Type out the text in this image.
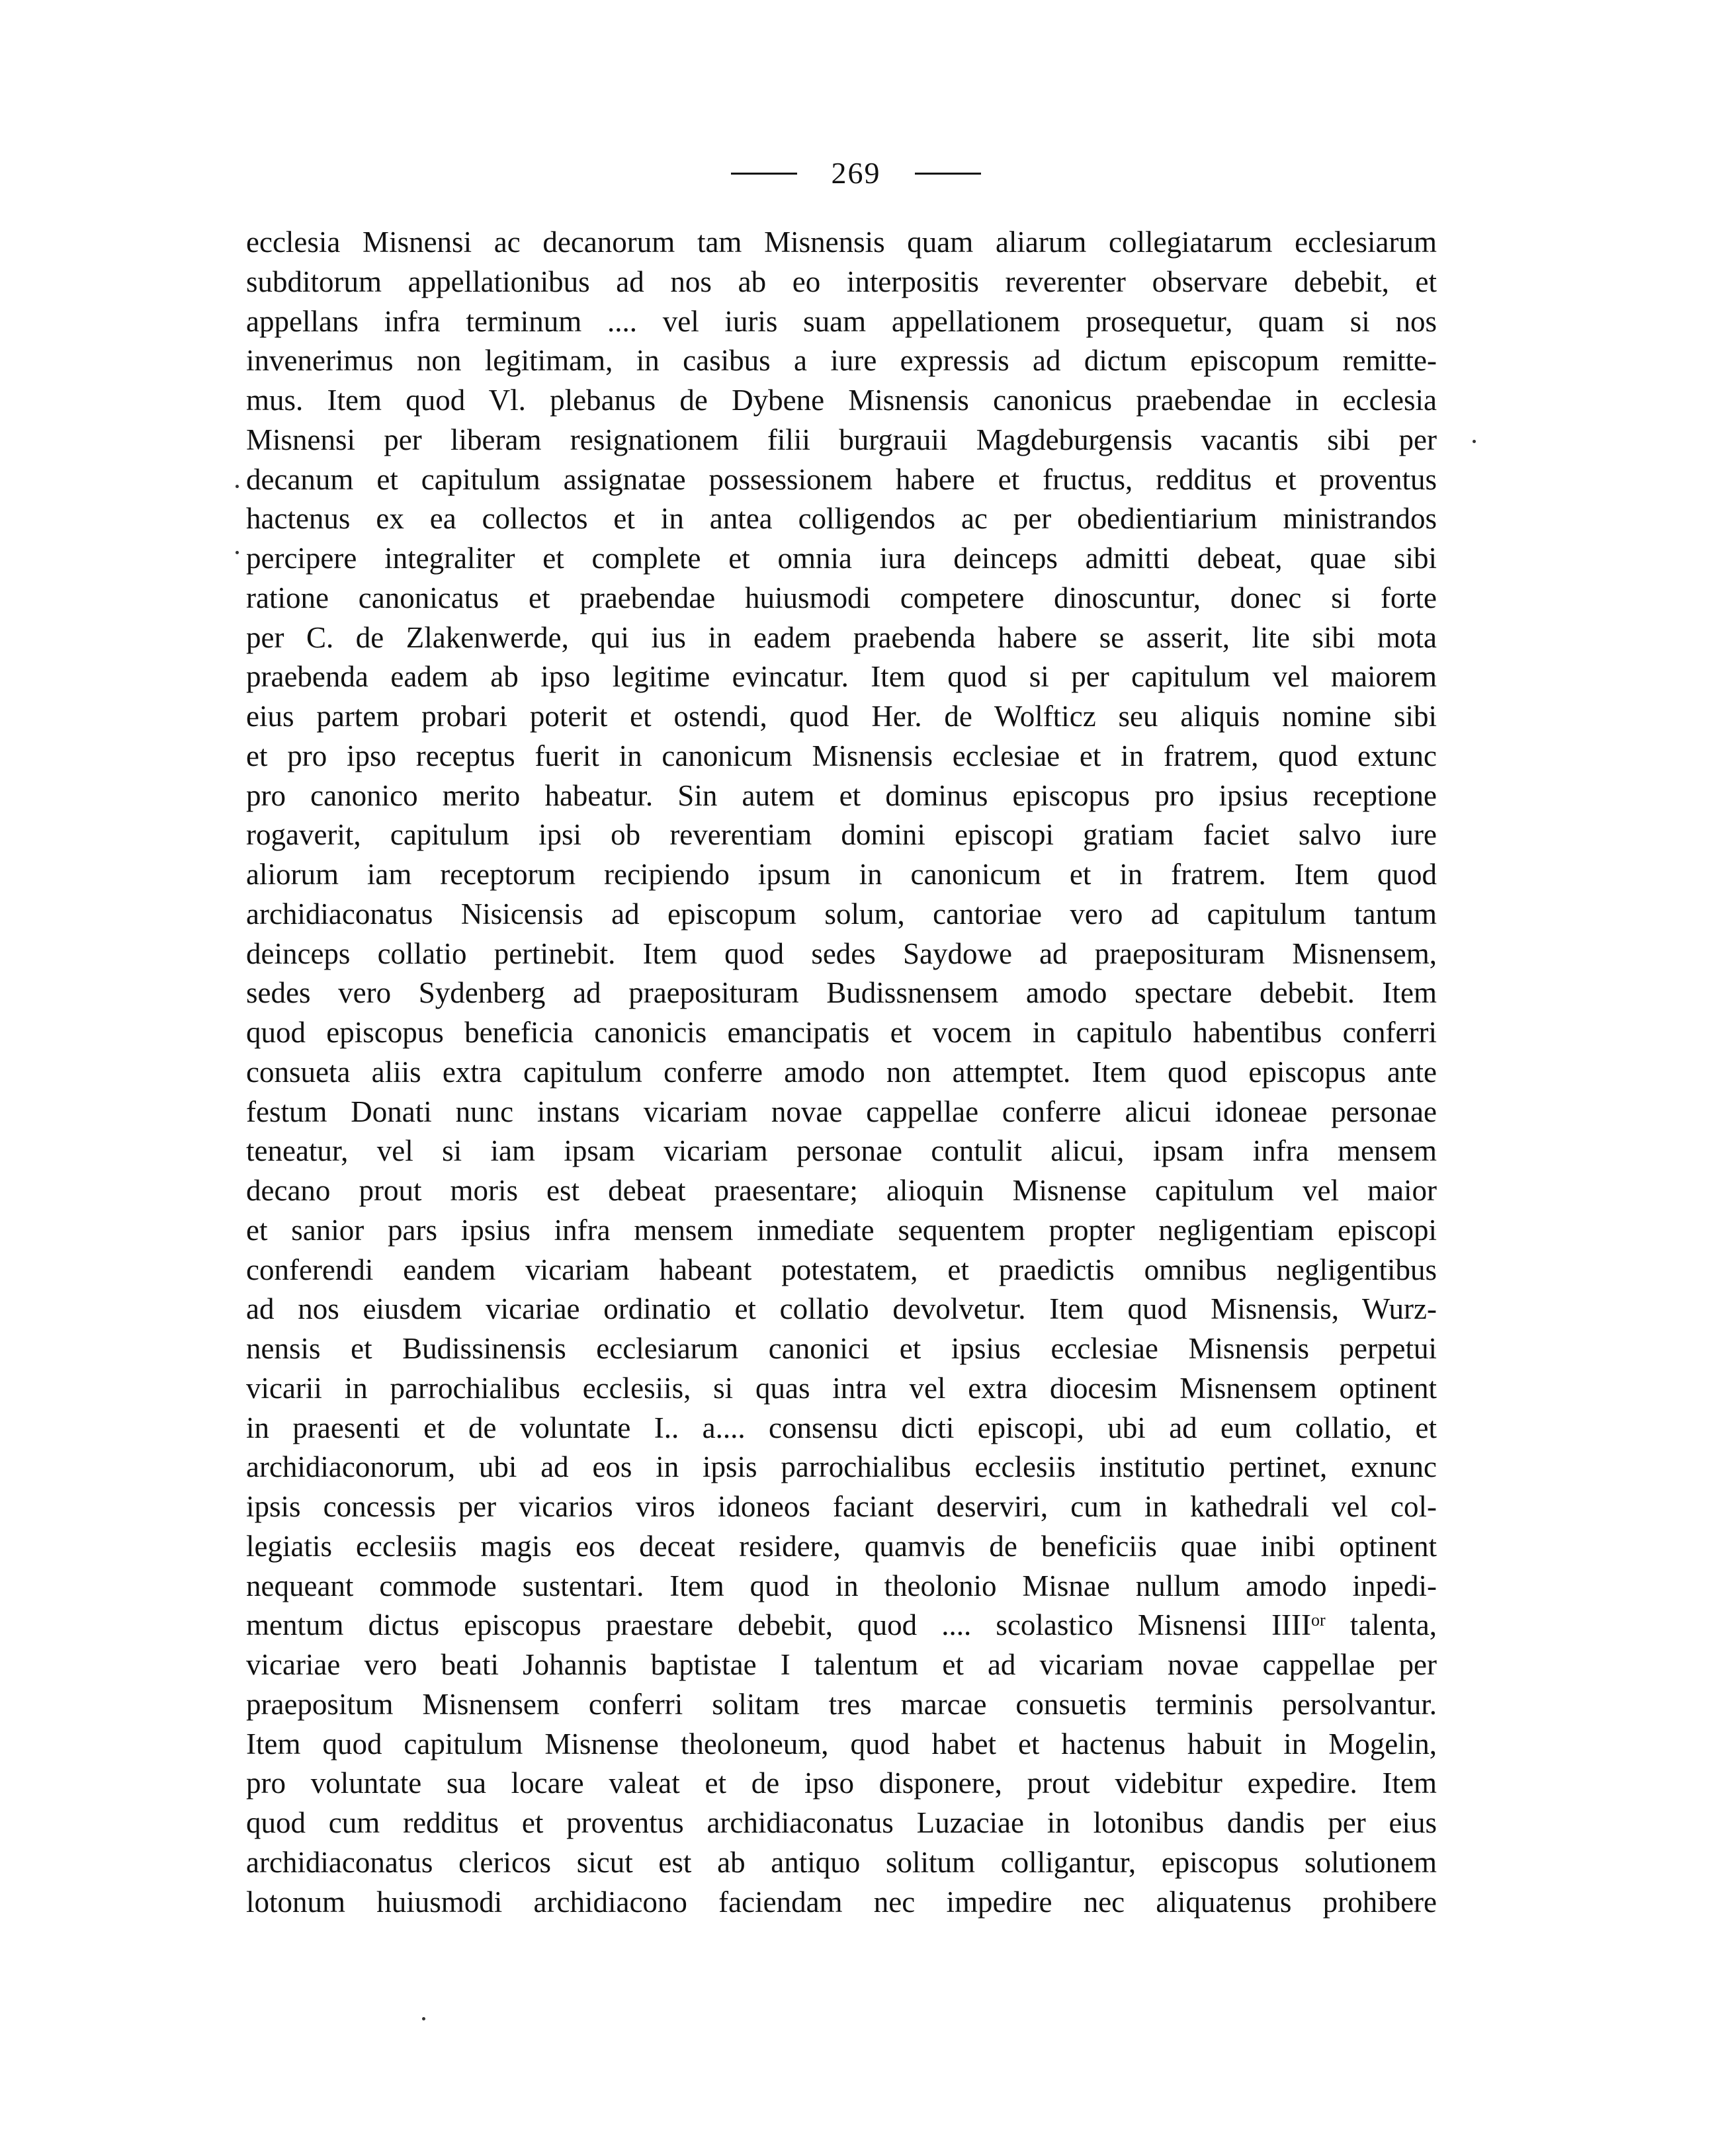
269
ecclesia Misnensi ac decanorum tam Misnensis quam aliarum collegiatarum ecclesiarum
subditorum appellationibus ad nos ab eo interpositis reverenter observare debebit, et
appellans infra terminum .... vel iuris suam appellationem prosequetur, quam si nos
invenerimus non legitimam, in casibus a iure expressis ad dictum episcopum remitte-
mus. Item quod Vl. plebanus de Dybene Misnensis canonicus praebendae in ecclesia
Misnensi per liberam resignationem filii burgrauii Magdeburgensis vacantis sibi per
decanum et capitulum assignatae possessionem habere et fructus, redditus et proventus
hactenus ex ea collectos et in antea colligendos ac per obedientiarium ministrandos
percipere integraliter et complete et omnia iura deinceps admitti debeat, quae sibi
ratione canonicatus et praebendae huiusmodi competere dinoscuntur, donec si forte
per C. de Zlakenwerde, qui ius in eadem praebenda habere se asserit, lite sibi mota
praebenda eadem ab ipso legitime evincatur. Item quod si per capitulum vel maiorem
eius partem probari poterit et ostendi, quod Her. de Wolfticz seu aliquis nomine sibi
et pro ipso receptus fuerit in canonicum Misnensis ecclesiae et in fratrem, quod extunc
pro canonico merito habeatur. Sin autem et dominus episcopus pro ipsius receptione
rogaverit, capitulum ipsi ob reverentiam domini episcopi gratiam faciet salvo iure
aliorum iam receptorum recipiendo ipsum in canonicum et in fratrem. Item quod
archidiaconatus Nisicensis ad episcopum solum, cantoriae vero ad capitulum tantum
deinceps collatio pertinebit. Item quod sedes Saydowe ad praeposituram Misnensem,
sedes vero Sydenberg ad praeposituram Budissnensem amodo spectare debebit. Item
quod episcopus beneficia canonicis emancipatis et vocem in capitulo habentibus conferri
consueta aliis extra capitulum conferre amodo non attemptet. Item quod episcopus ante
festum Donati nunc instans vicariam novae cappellae conferre alicui idoneae personae
teneatur, vel si iam ipsam vicariam personae contulit alicui, ipsam infra mensem
decano prout moris est debeat praesentare; alioquin Misnense capitulum vel maior
et sanior pars ipsius infra mensem inmediate sequentem propter negligentiam episcopi
conferendi eandem vicariam habeant potestatem, et praedictis omnibus negligentibus
ad nos eiusdem vicariae ordinatio et collatio devolvetur. Item quod Misnensis, Wurz-
nensis et Budissinensis ecclesiarum canonici et ipsius ecclesiae Misnensis perpetui
vicarii in parrochialibus ecclesiis, si quas intra vel extra diocesim Misnensem optinent
in praesenti et de voluntate I.. a.... consensu dicti episcopi, ubi ad eum collatio, et
archidiaconorum, ubi ad eos in ipsis parrochialibus ecclesiis institutio pertinet, exnunc
ipsis concessis per vicarios viros idoneos faciant deserviri, cum in kathedrali vel col-
legiatis ecclesiis magis eos deceat residere, quamvis de beneficiis quae inibi optinent
nequeant commode sustentari. Item quod in theolonio Misnae nullum amodo inpedi-
mentum dictus episcopus praestare debebit, quod .... scolastico Misnensi $IIII^{or}$ talenta,
vicariae vero beati Johannis baptistae I talentum et ad vicariam novae cappellae per
praepositum Misnensem conferri solitam tres marcae consuetis terminis persolvantur.
Item quod capitulum Misnense theoloneum, quod habet et hactenus habuit in Mogelin,
pro voluntate sua locare valeat et de ipso disponere, prout videbitur expedire. Item
quod cum redditus et proventus archidiaconatus Luzaciae in lotonibus dandis per eius
archidiaconatus clericos sicut est ab antiquo solitum colligantur, episcopus solutionem
lotonum huiusmodi archidiacono faciendam nec impedire nec aliquatenus prohibere
